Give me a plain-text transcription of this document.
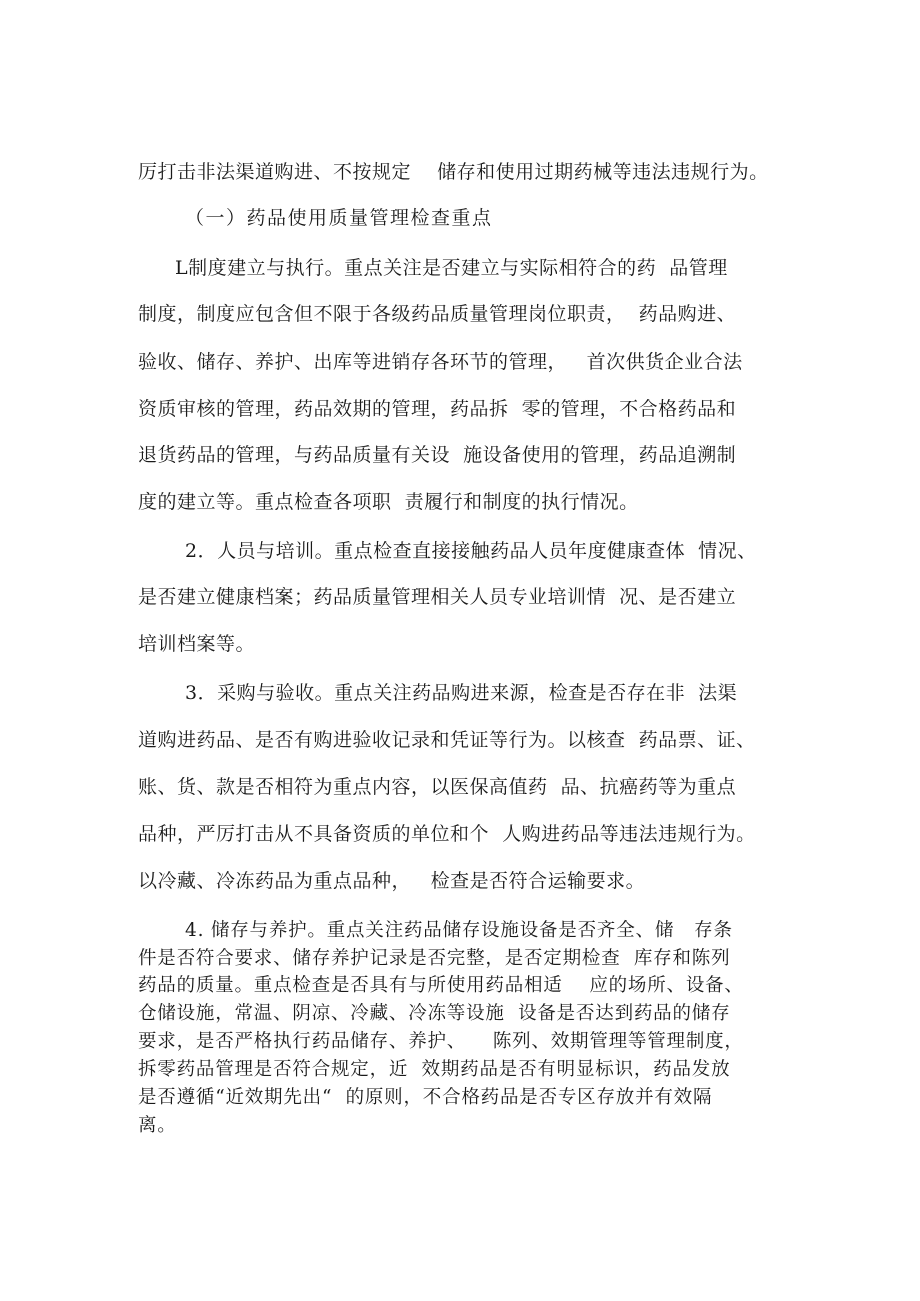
厉打击非法渠道购进、不按规定    储存和使用过期药械等违法违规行为。
（一）药品使用质量管理检查重点
L制度建立与执行。重点关注是否建立与实际相符合的药  品管理
制度，制度应包含但不限于各级药品质量管理岗位职责，  药品购进、
验收、储存、养护、出库等进销存各环节的管理，   首次供货企业合法
资质审核的管理，药品效期的管理，药品拆  零的管理，不合格药品和
退货药品的管理，与药品质量有关设  施设备使用的管理，药品追溯制
度的建立等。重点检查各项职  责履行和制度的执行情况。
2．人员与培训。重点检查直接接触药品人员年度健康查体  情况、
是否建立健康档案；药品质量管理相关人员专业培训情  况、是否建立
培训档案等。
3．采购与验收。重点关注药品购进来源，检查是否存在非  法渠
道购进药品、是否有购进验收记录和凭证等行为。以核查  药品票、证、
账、货、款是否相符为重点内容，以医保高值药  品、抗癌药等为重点
品种，严厉打击从不具备资质的单位和个  人购进药品等违法违规行为。
以冷藏、冷冻药品为重点品种，   检查是否符合运输要求。
4. 储存与养护。重点关注药品储存设施设备是否齐全、储   存条
件是否符合要求、储存养护记录是否完整，是否定期检查  库存和陈列
药品的质量。重点检查是否具有与所使用药品相适    应的场所、设备、
仓储设施，常温、阴凉、冷藏、冷冻等设施  设备是否达到药品的储存
要求，是否严格执行药品储存、养护、    陈列、效期管理等管理制度，
拆零药品管理是否符合规定，近  效期药品是否有明显标识，药品发放
是否遵循“近效期先出“  的原则，不合格药品是否专区存放并有效隔
离。
